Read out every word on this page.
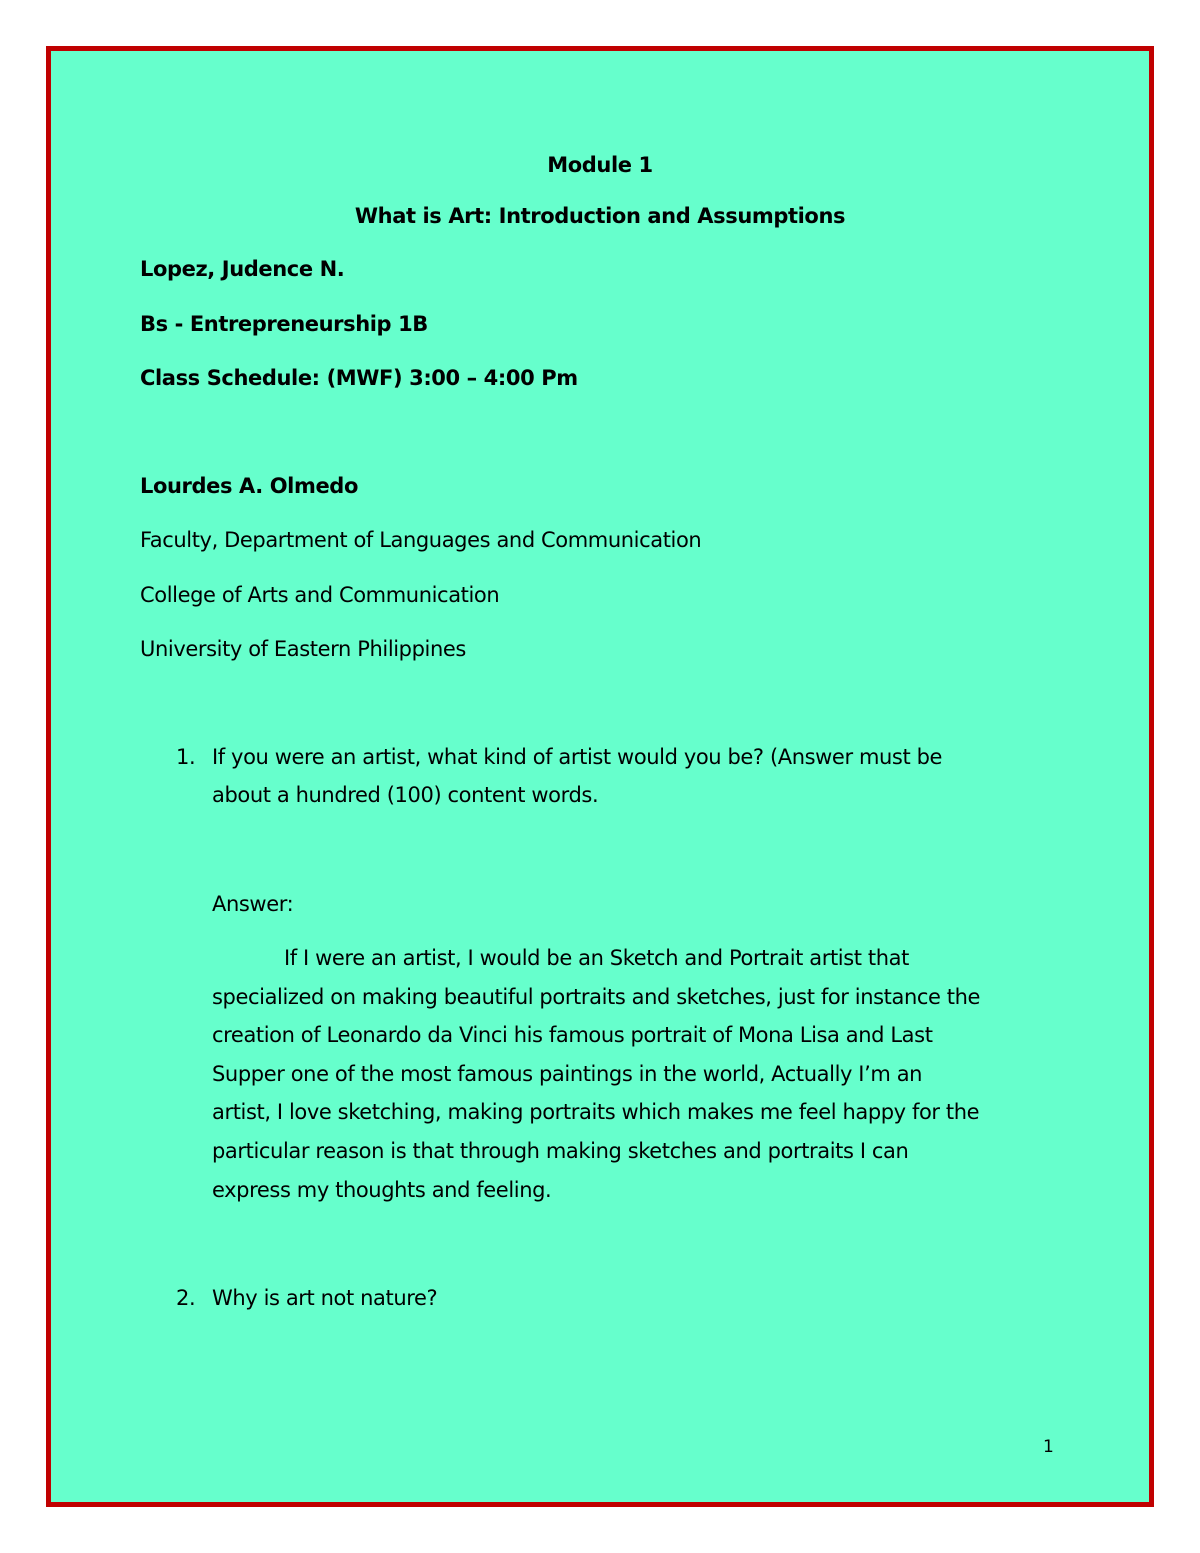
Module 1

What is Art: Introduction and Assumptions

Lopez, Judence N.

Bs - Entrepreneurship 1B

Class Schedule: (MWF) 3:00 – 4:00 Pm

Lourdes A. Olmedo

Faculty, Department of Languages and Communication

College of Arts and Communication

University of Eastern Philippines

1. If you were an artist, what kind of artist would you be? (Answer must be

about a hundred (100) content words.

Answer:

If I were an artist, I would be an Sketch and Portrait artist that

specialized on making beautiful portraits and sketches, just for instance the

creation of Leonardo da Vinci his famous portrait of Mona Lisa and Last

Supper one of the most famous paintings in the world, Actually I’m an

artist, I love sketching, making portraits which makes me feel happy for the

particular reason is that through making sketches and portraits I can

express my thoughts and feeling.

2. Why is art not nature?

1
